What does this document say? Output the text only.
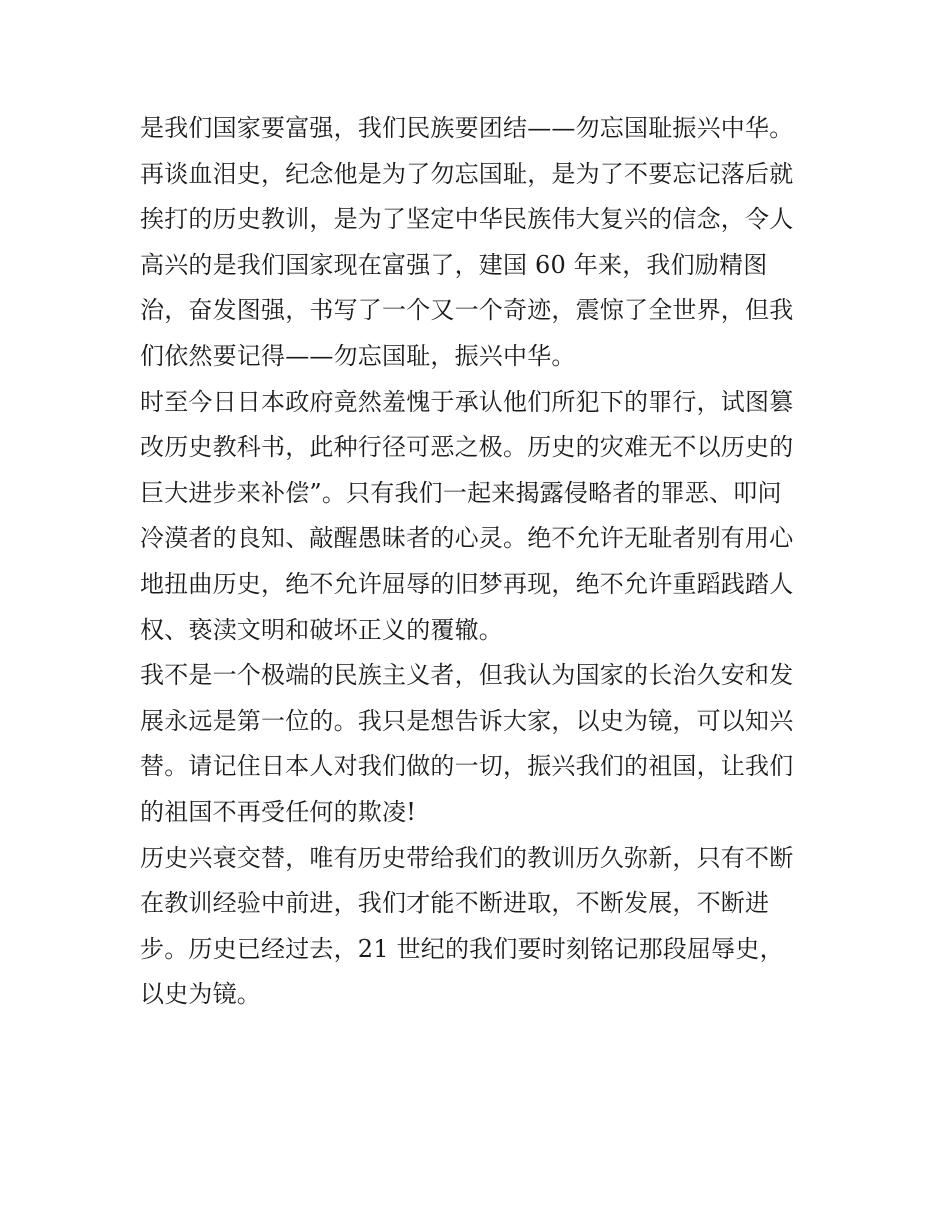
是我们国家要富强，我们民族要团结——勿忘国耻振兴中华。
再谈血泪史，纪念他是为了勿忘国耻，是为了不要忘记落后就
挨打的历史教训，是为了坚定中华民族伟大复兴的信念，令人
高兴的是我们国家现在富强了，建国 60 年来，我们励精图
治，奋发图强，书写了一个又一个奇迹，震惊了全世界，但我
们依然要记得——勿忘国耻，振兴中华。
时至今日日本政府竟然羞愧于承认他们所犯下的罪行，试图篡
改历史教科书，此种行径可恶之极。历史的灾难无不以历史的
巨大进步来补偿”。只有我们一起来揭露侵略者的罪恶、叩问
冷漠者的良知、敲醒愚昧者的心灵。绝不允许无耻者别有用心
地扭曲历史，绝不允许屈辱的旧梦再现，绝不允许重蹈践踏人
权、亵渎文明和破坏正义的覆辙。
我不是一个极端的民族主义者，但我认为国家的长治久安和发
展永远是第一位的。我只是想告诉大家，以史为镜，可以知兴
替。请记住日本人对我们做的一切，振兴我们的祖国，让我们
的祖国不再受任何的欺凌!
历史兴衰交替，唯有历史带给我们的教训历久弥新，只有不断
在教训经验中前进，我们才能不断进取，不断发展，不断进
步。历史已经过去，21 世纪的我们要时刻铭记那段屈辱史，
以史为镜。
